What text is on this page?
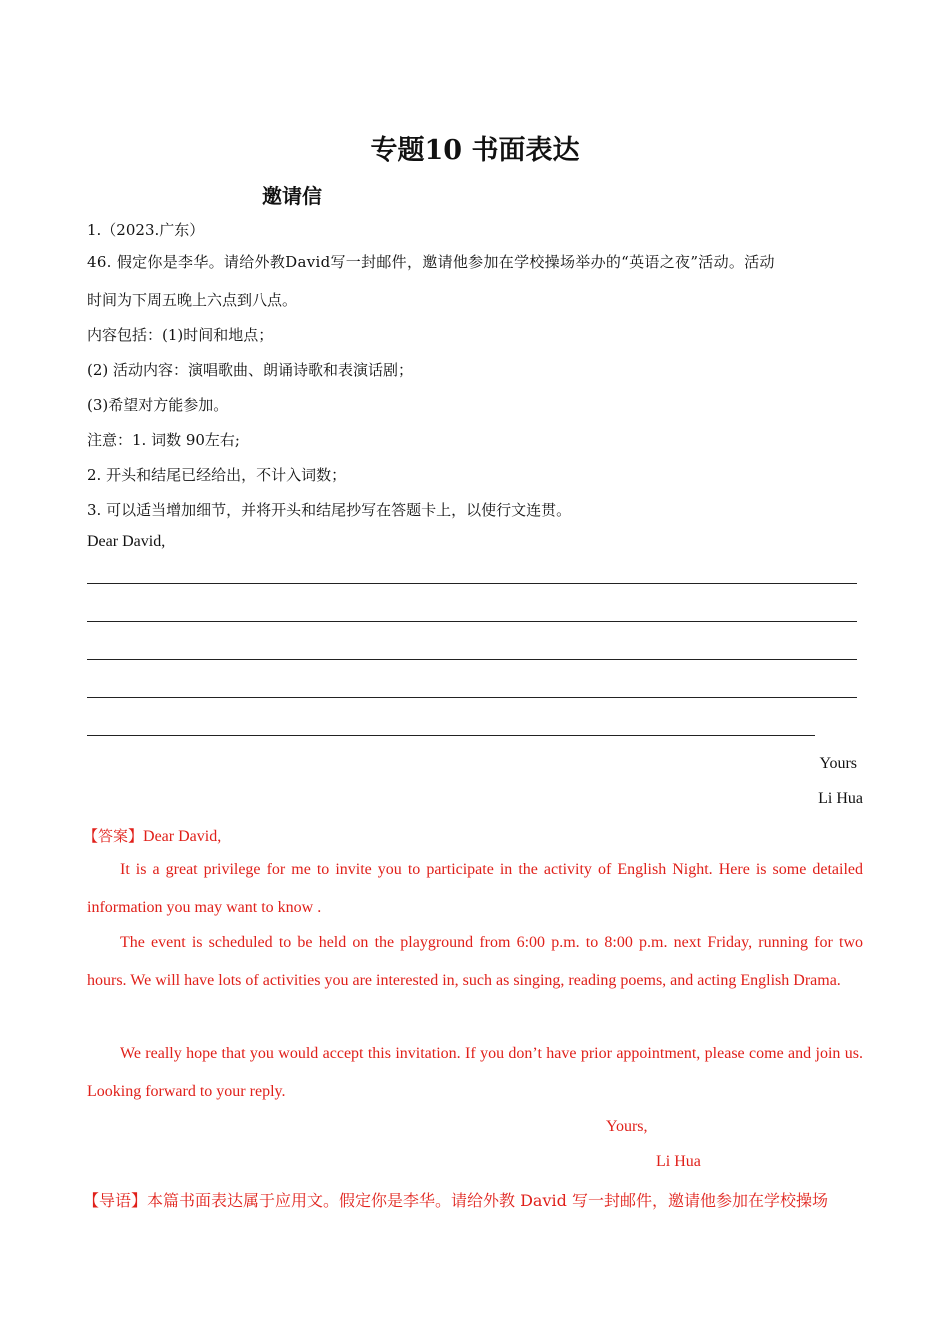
专题10 书面表达
邀请信
1.（2023.广东）
46. 假定你是李华。请给外教David写一封邮件，邀请他参加在学校操场举办的“英语之夜”活动。活动
时间为下周五晚上六点到八点。
内容包括：(1)时间和地点；
(2) 活动内容：演唱歌曲、朗诵诗歌和表演话剧；
(3)希望对方能参加。
注意：1. 词数 90左右;
2. 开头和结尾已经给出，不计入词数；
3. 可以适当增加细节，并将开头和结尾抄写在答题卡上，以使行文连贯。
Dear David,
Yours
Li Hua
【答案】Dear David,
It is a great privilege for me to invite you to participate in the activity of English Night. Here is some detailed information you may want to know .
The event is scheduled to be held on the playground from 6:00 p.m. to 8:00 p.m. next Friday, running for two hours. We will have lots of activities you are interested in, such as singing, reading poems, and acting English Drama.
We really hope that you would accept this invitation. If you don’t have prior appointment, please come and join us. Looking forward to your reply.
Yours,
Li Hua
【导语】本篇书面表达属于应用文。假定你是李华。请给外教 David 写一封邮件，邀请他参加在学校操场
